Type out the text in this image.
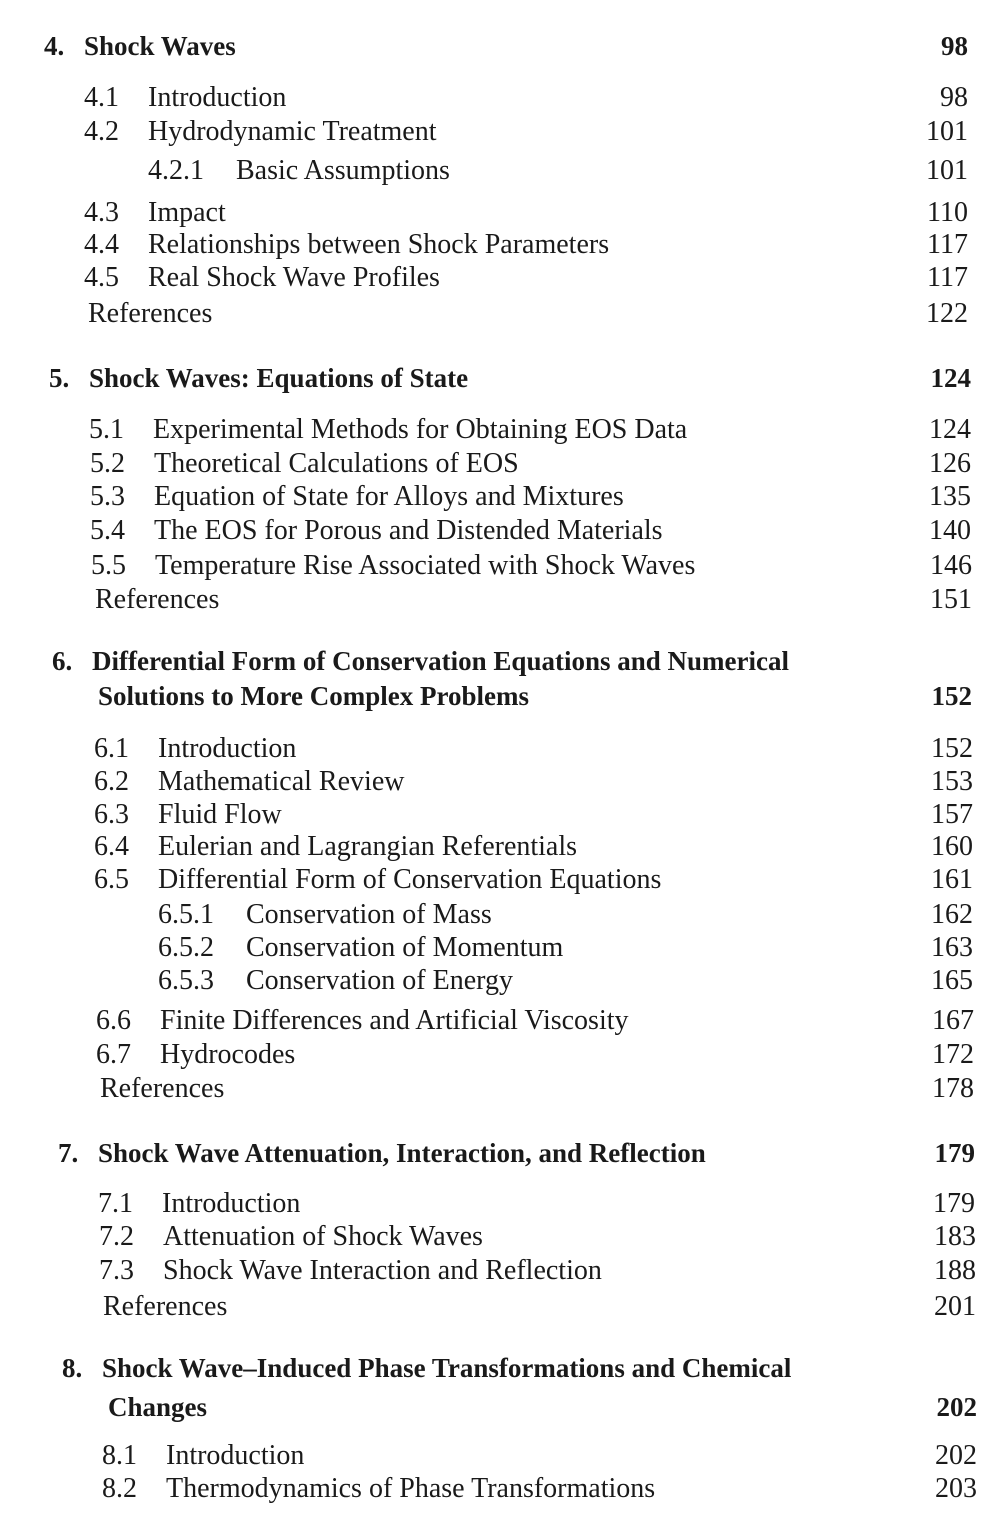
4. Shock Waves	98
4.1 Introduction	98
4.2 Hydrodynamic Treatment	101
4.2.1 Basic Assumptions	101
4.3 Impact	110
4.4 Relationships between Shock Parameters	117
4.5 Real Shock Wave Profiles	117
References	122
5. Shock Waves: Equations of State	124
5.1 Experimental Methods for Obtaining EOS Data	124
5.2 Theoretical Calculations of EOS	126
5.3 Equation of State for Alloys and Mixtures	135
5.4 The EOS for Porous and Distended Materials	140
5.5 Temperature Rise Associated with Shock Waves	146
References	151
6. Differential Form of Conservation Equations and Numerical
Solutions to More Complex Problems	152
6.1 Introduction	152
6.2 Mathematical Review	153
6.3 Fluid Flow	157
6.4 Eulerian and Lagrangian Referentials	160
6.5 Differential Form of Conservation Equations	161
6.5.1 Conservation of Mass	162
6.5.2 Conservation of Momentum	163
6.5.3 Conservation of Energy	165
6.6 Finite Differences and Artificial Viscosity	167
6.7 Hydrocodes	172
References	178
7. Shock Wave Attenuation, Interaction, and Reflection	179
7.1 Introduction	179
7.2 Attenuation of Shock Waves	183
7.3 Shock Wave Interaction and Reflection	188
References	201
8. Shock Wave–Induced Phase Transformations and Chemical
Changes	202
8.1 Introduction	202
8.2 Thermodynamics of Phase Transformations	203
